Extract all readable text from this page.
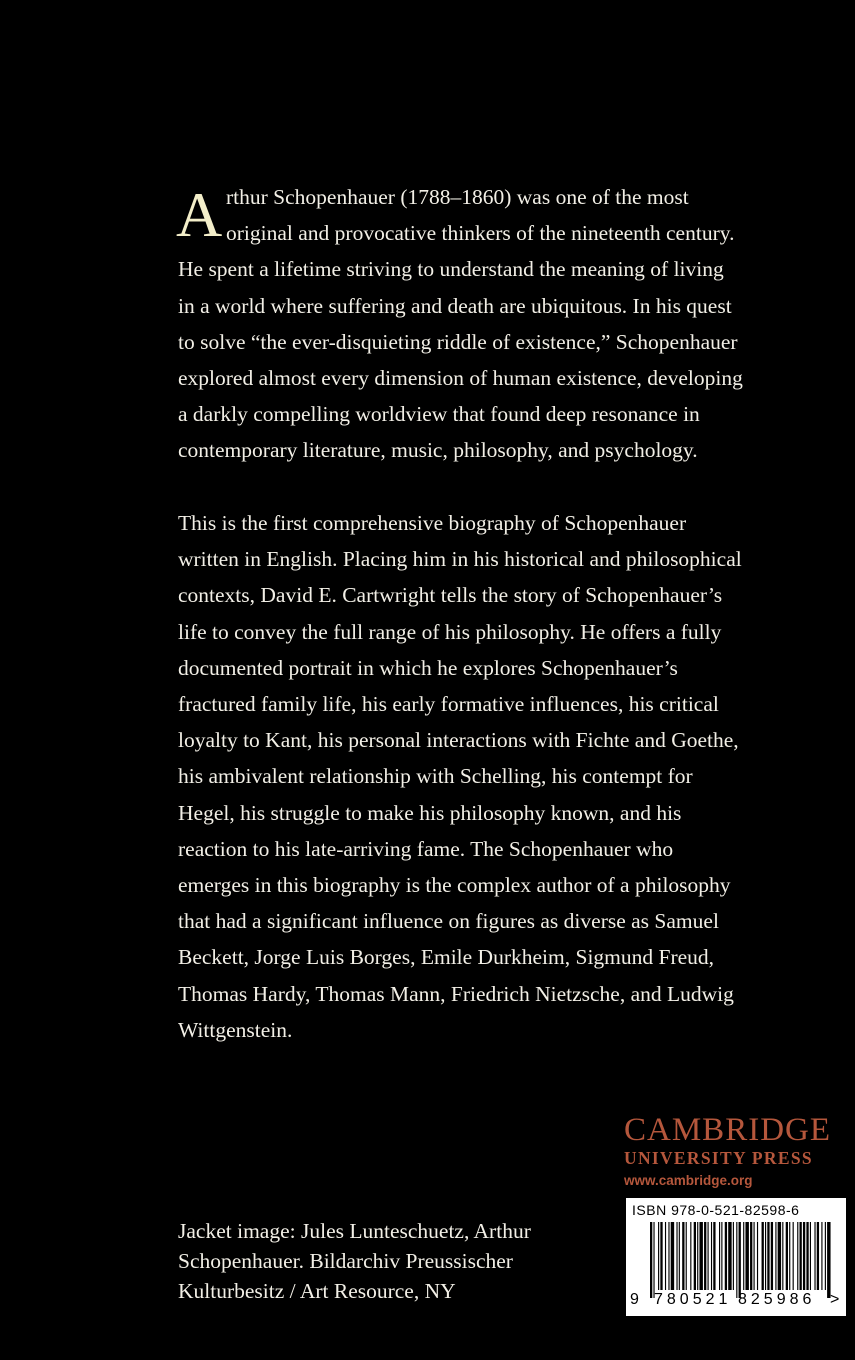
A rthur Schopenhauer (1788–1860) was one of the most
original and provocative thinkers of the nineteenth century.
He spent a lifetime striving to understand the meaning of living
in a world where suffering and death are ubiquitous. In his quest
to solve “the ever-disquieting riddle of existence,” Schopenhauer
explored almost every dimension of human existence, developing
a darkly compelling worldview that found deep resonance in
contemporary literature, music, philosophy, and psychology.

This is the first comprehensive biography of Schopenhauer
written in English. Placing him in his historical and philosophical
contexts, David E. Cartwright tells the story of Schopenhauer’s
life to convey the full range of his philosophy. He offers a fully
documented portrait in which he explores Schopenhauer’s
fractured family life, his early formative influences, his critical
loyalty to Kant, his personal interactions with Fichte and Goethe,
his ambivalent relationship with Schelling, his contempt for
Hegel, his struggle to make his philosophy known, and his
reaction to his late-arriving fame. The Schopenhauer who
emerges in this biography is the complex author of a philosophy
that had a significant influence on figures as diverse as Samuel
Beckett, Jorge Luis Borges, Emile Durkheim, Sigmund Freud,
Thomas Hardy, Thomas Mann, Friedrich Nietzsche, and Ludwig
Wittgenstein.

Jacket image: Jules Lunteschuetz, Arthur
Schopenhauer. Bildarchiv Preussischer
Kulturbesitz / Art Resource, NY
CAMBRIDGE
UNIVERSITY PRESS
www.cambridge.org
ISBN 978-0-521-82598-6
9 780521 825986 >
